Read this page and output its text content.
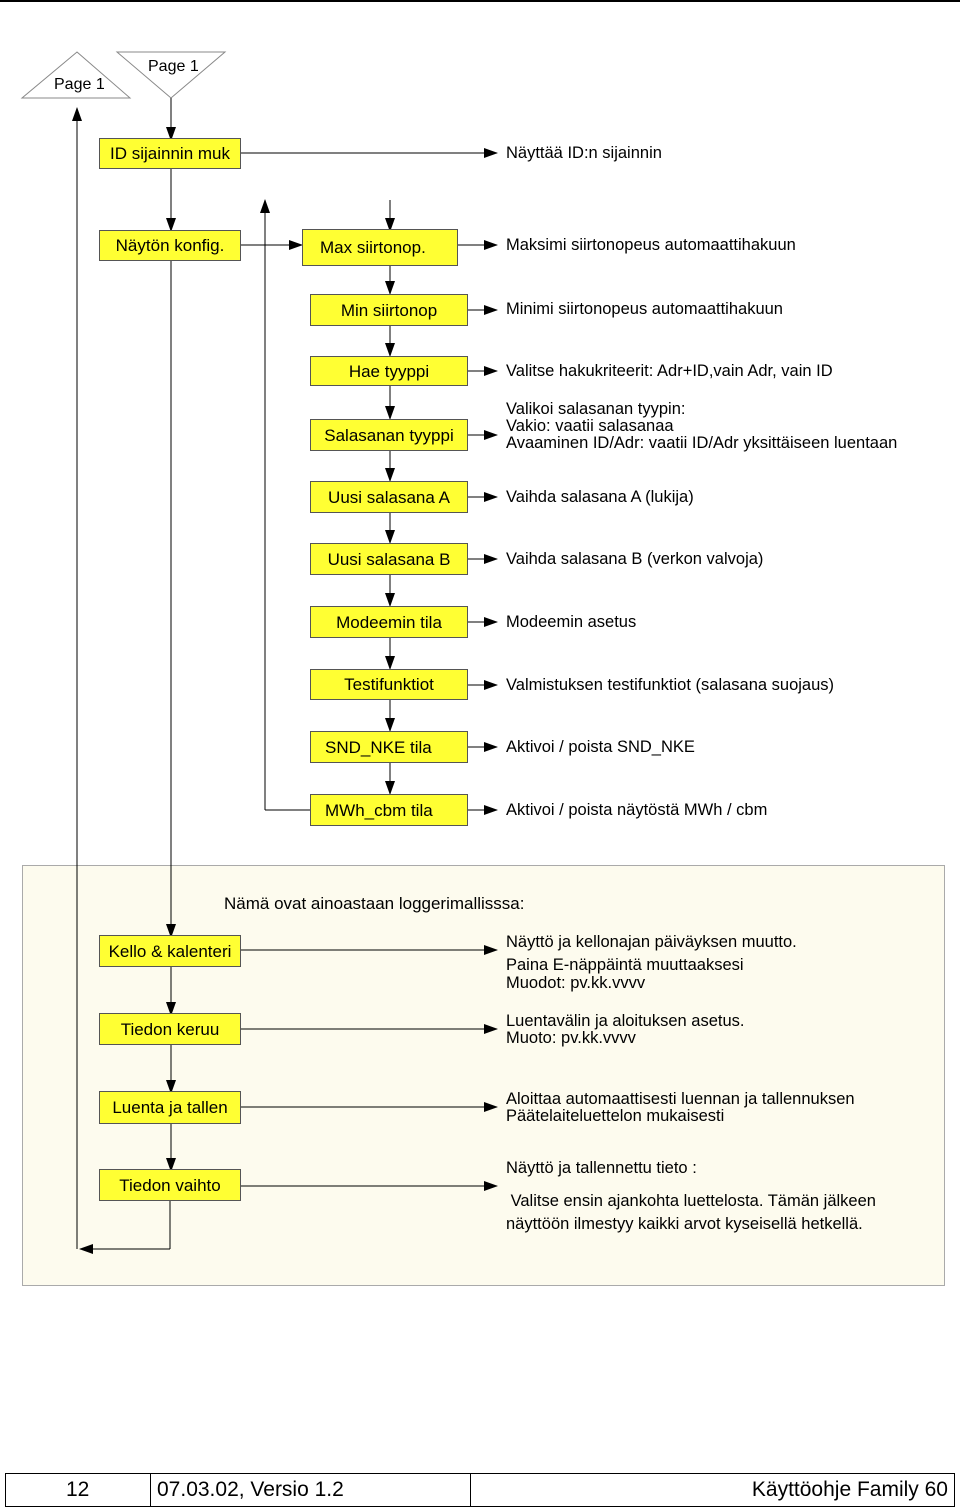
Page 1
Page 1
ID sijainnin muk
Näytön konfig.	Max siirtonop.
Min siirtonop
Hae tyyppi
Salasanan tyyppi
Uusi salasana A
Uusi salasana B
Modeemin tila
Testifunktiot
SND_NKE tila
MWh_cbm tila
Kello & kalenteri
Tiedon keruu
Luenta ja tallen
Tiedon vaihto
Näyttää ID:n sijainnin
Maksimi siirtonopeus automaattihakuun
Minimi siirtonopeus automaattihakuun
Valitse hakukriteerit: Adr+ID,vain Adr, vain ID
Valikoi salasanan tyypin:
Vakio: vaatii salasanaa
Avaaminen ID/Adr: vaatii ID/Adr yksittäiseen luentaan
Vaihda salasana A (lukija)
Vaihda salasana B (verkon valvoja)
Modeemin asetus
Valmistuksen testifunktiot (salasana suojaus)
Aktivoi / poista SND_NKE
Aktivoi / poista näytöstä MWh / cbm
Nämä ovat ainoastaan loggerimallisssa:
Näyttö ja kellonajan päiväyksen muutto.
Paina E-näppäintä muuttaaksesi
Muodot: pv.kk.vvvv
Luentavälin ja aloituksen asetus.
Muoto: pv.kk.vvvv
Aloittaa automaattisesti luennan ja tallennuksen
Päätelaiteluettelon mukaisesti
Näyttö ja tallennettu tieto :
Valitse ensin ajankohta luettelosta. Tämän jälkeen
näyttöön ilmestyy kaikki arvot kyseisellä hetkellä.
12	07.03.02, Versio 1.2	Käyttöohje Family 60
